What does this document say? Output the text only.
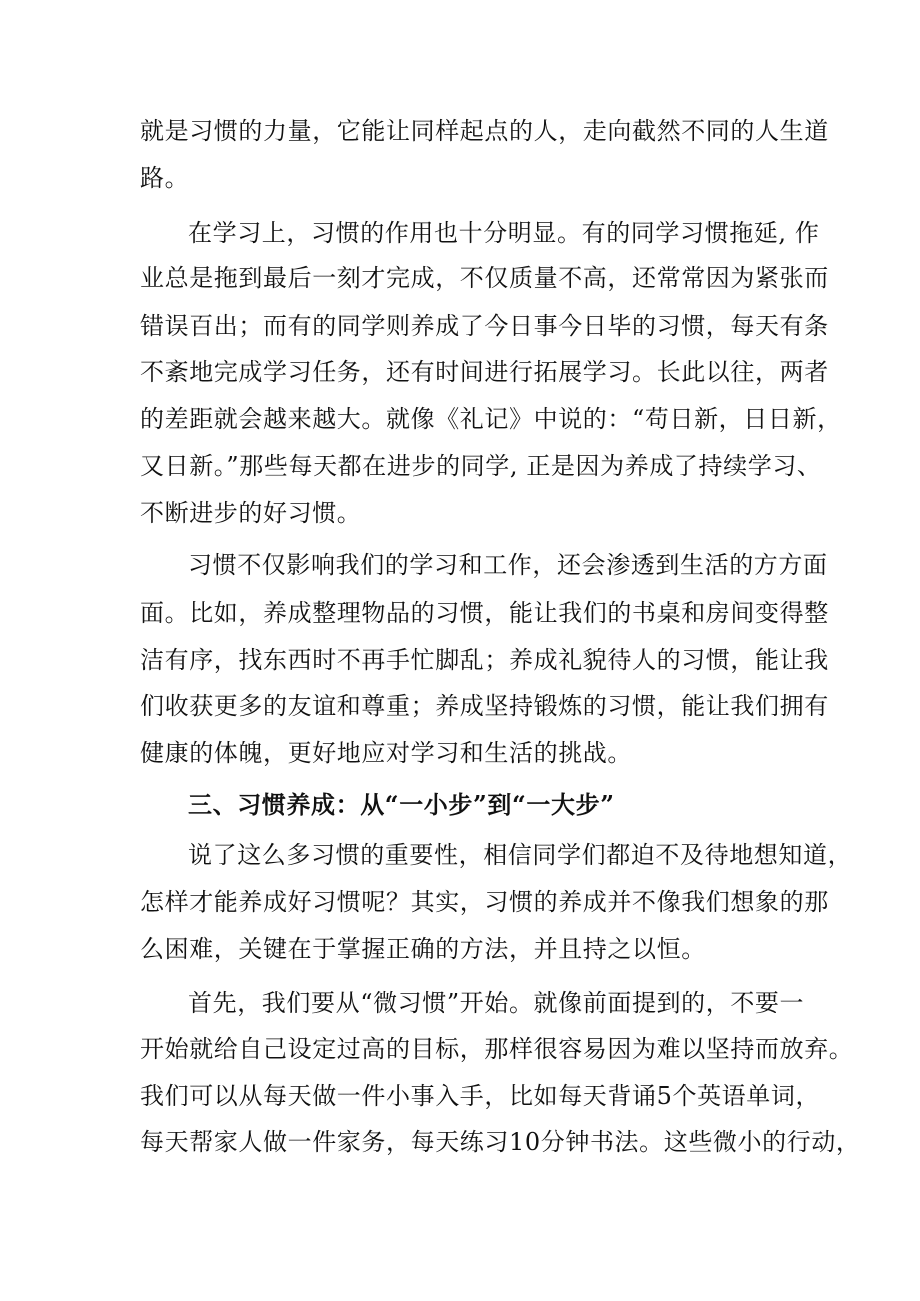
就是习惯的力量，它能让同样起点的人，走向截然不同的人生道
路。
在学习上，习惯的作用也十分明显。有的同学习惯拖延, 作
业总是拖到最后一刻才完成，不仅质量不高，还常常因为紧张而
错误百出；而有的同学则养成了今日事今日毕的习惯，每天有条
不紊地完成学习任务，还有时间进行拓展学习。长此以往，两者
的差距就会越来越大。就像《礼记》中说的：“苟日新，日日新，
又日新。”那些每天都在进步的同学, 正是因为养成了持续学习、
不断进步的好习惯。
习惯不仅影响我们的学习和工作，还会渗透到生活的方方面
面。比如，养成整理物品的习惯，能让我们的书桌和房间变得整
洁有序，找东西时不再手忙脚乱；养成礼貌待人的习惯，能让我
们收获更多的友谊和尊重；养成坚持锻炼的习惯，能让我们拥有
健康的体魄，更好地应对学习和生活的挑战。
三、习惯养成：从“一小步”到“一大步”
说了这么多习惯的重要性，相信同学们都迫不及待地想知道，
怎样才能养成好习惯呢？其实，习惯的养成并不像我们想象的那
么困难，关键在于掌握正确的方法，并且持之以恒。
首先，我们要从“微习惯”开始。就像前面提到的，不要一
开始就给自己设定过高的目标，那样很容易因为难以坚持而放弃。
我们可以从每天做一件小事入手，比如每天背诵5个英语单词，
每天帮家人做一件家务，每天练习10分钟书法。这些微小的行动，
